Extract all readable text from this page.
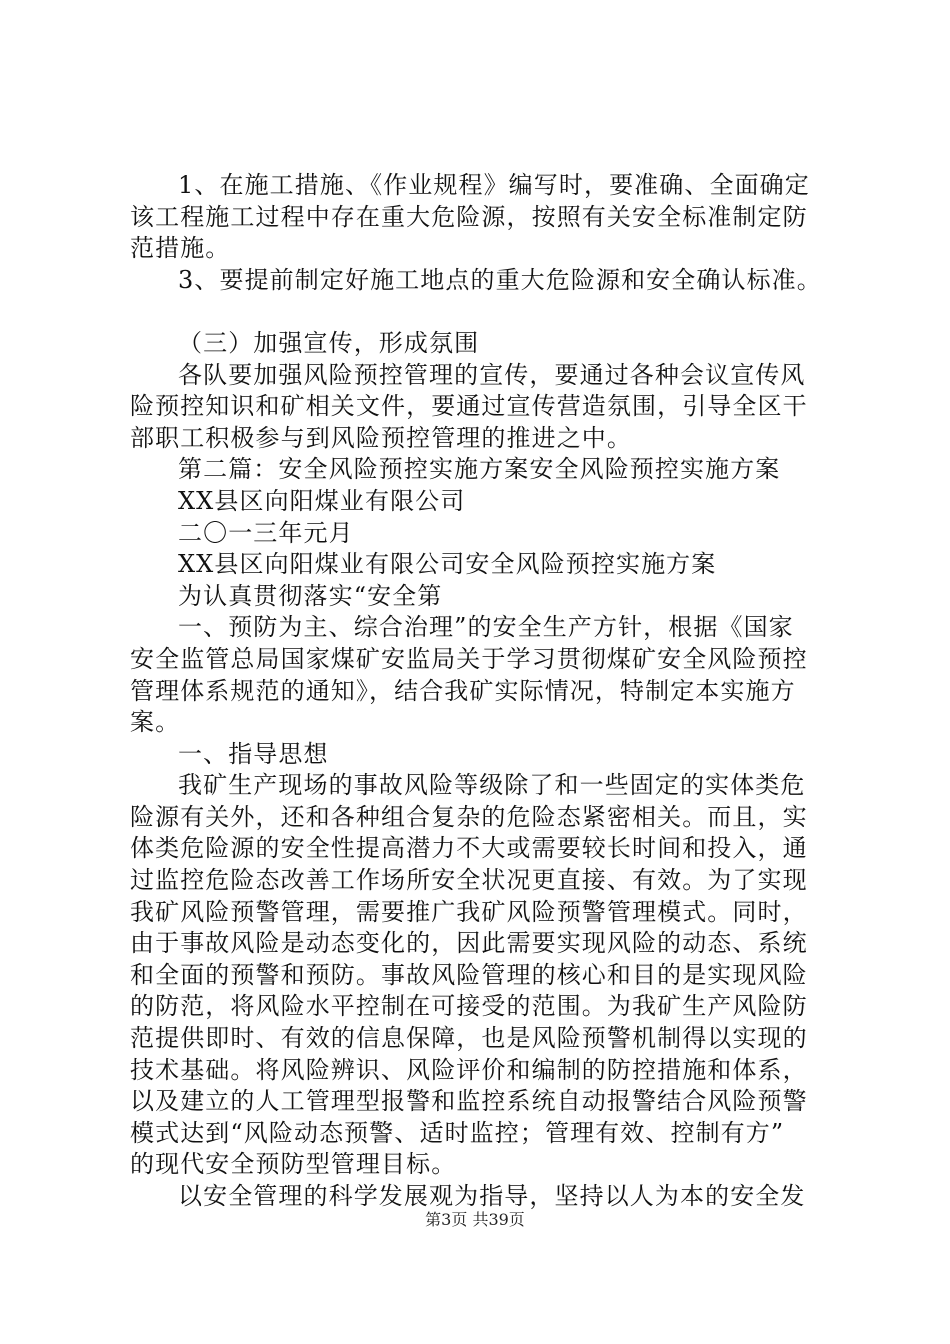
1、在施工措施、《作业规程》编写时，要准确、全面确定

该工程施工过程中存在重大危险源，按照有关安全标准制定防

范措施。

3、要提前制定好施工地点的重大危险源和安全确认标准。

（三）加强宣传，形成氛围

各队要加强风险预控管理的宣传，要通过各种会议宣传风

险预控知识和矿相关文件，要通过宣传营造氛围，引导全区干

部职工积极参与到风险预控管理的推进之中。

第二篇：安全风险预控实施方案安全风险预控实施方案

XX县区向阳煤业有限公司

二〇一三年元月

XX县区向阳煤业有限公司安全风险预控实施方案

为认真贯彻落实“安全第

一、预防为主、综合治理”的安全生产方针，根据《国家

安全监管总局国家煤矿安监局关于学习贯彻煤矿安全风险预控

管理体系规范的通知》，结合我矿实际情况，特制定本实施方

案。

一、指导思想

我矿生产现场的事故风险等级除了和一些固定的实体类危

险源有关外，还和各种组合复杂的危险态紧密相关。而且，实

体类危险源的安全性提高潜力不大或需要较长时间和投入，通

过监控危险态改善工作场所安全状况更直接、有效。为了实现

我矿风险预警管理，需要推广我矿风险预警管理模式。同时，

由于事故风险是动态变化的，因此需要实现风险的动态、系统

和全面的预警和预防。事故风险管理的核心和目的是实现风险

的防范，将风险水平控制在可接受的范围。为我矿生产风险防

范提供即时、有效的信息保障，也是风险预警机制得以实现的

技术基础。将风险辨识、风险评价和编制的防控措施和体系，

以及建立的人工管理型报警和监控系统自动报警结合风险预警

模式达到“风险动态预警、适时监控；管理有效、控制有方”

的现代安全预防型管理目标。

以安全管理的科学发展观为指导，坚持以人为本的安全发

第3页 共39页
